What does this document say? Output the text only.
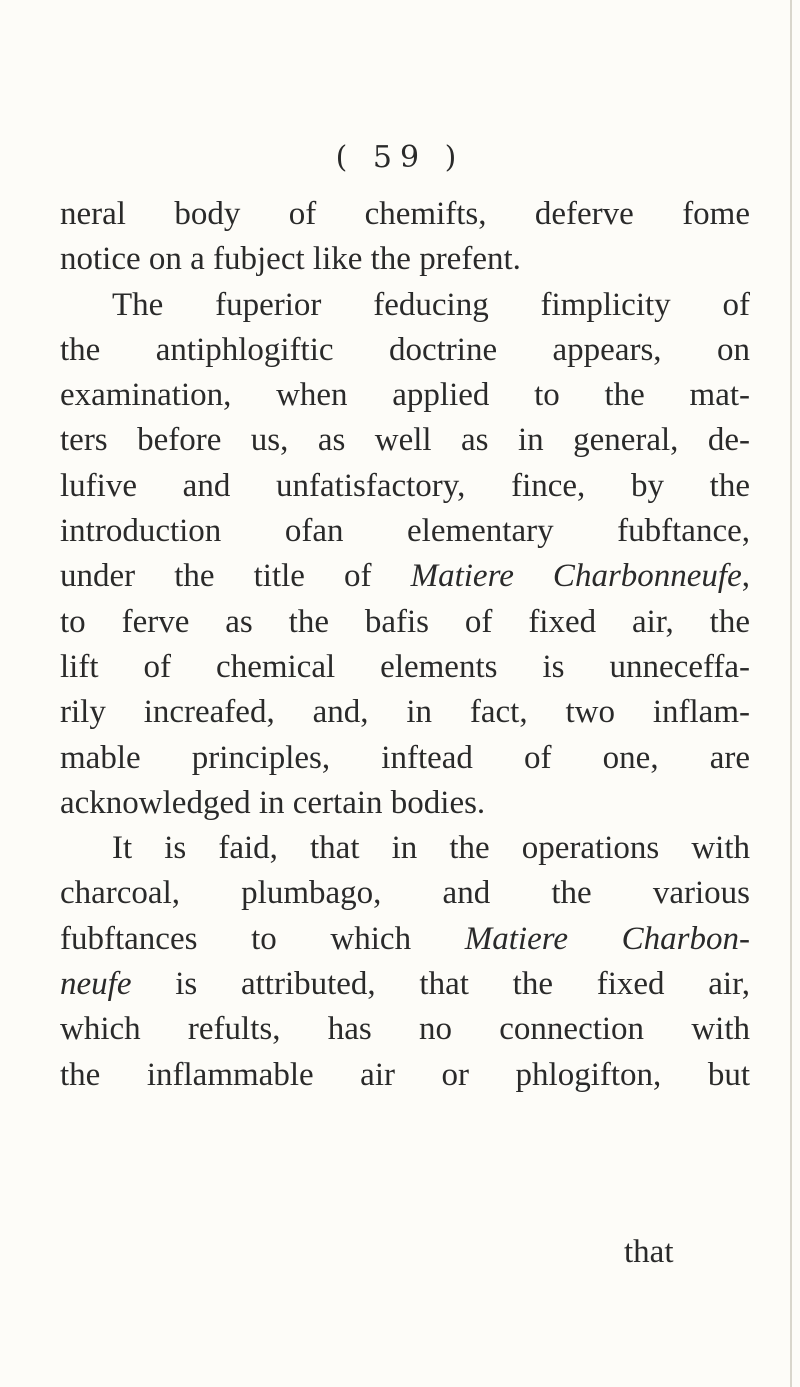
( 59 )
neral body of chemifts, deferve fome
notice on a fubject like the prefent.
The fuperior feducing fimplicity of
the antiphlogiftic doctrine appears, on
examination, when applied to the mat-
ters before us, as well as in general, de-
lufive and unfatisfactory, fince, by the
introduction ofan elementary fubftance,
under the title of Matiere Charbonneufe,
to ferve as the bafis of fixed air, the
lift of chemical elements is unneceffa-
rily increafed, and, in fact, two inflam-
mable principles, inftead of one, are
acknowledged in certain bodies.
It is faid, that in the operations with
charcoal, plumbago, and the various
fubftances to which Matiere Charbon-
neufe is attributed, that the fixed air,
which refults, has no connection with
the inflammable air or phlogifton, but
that
